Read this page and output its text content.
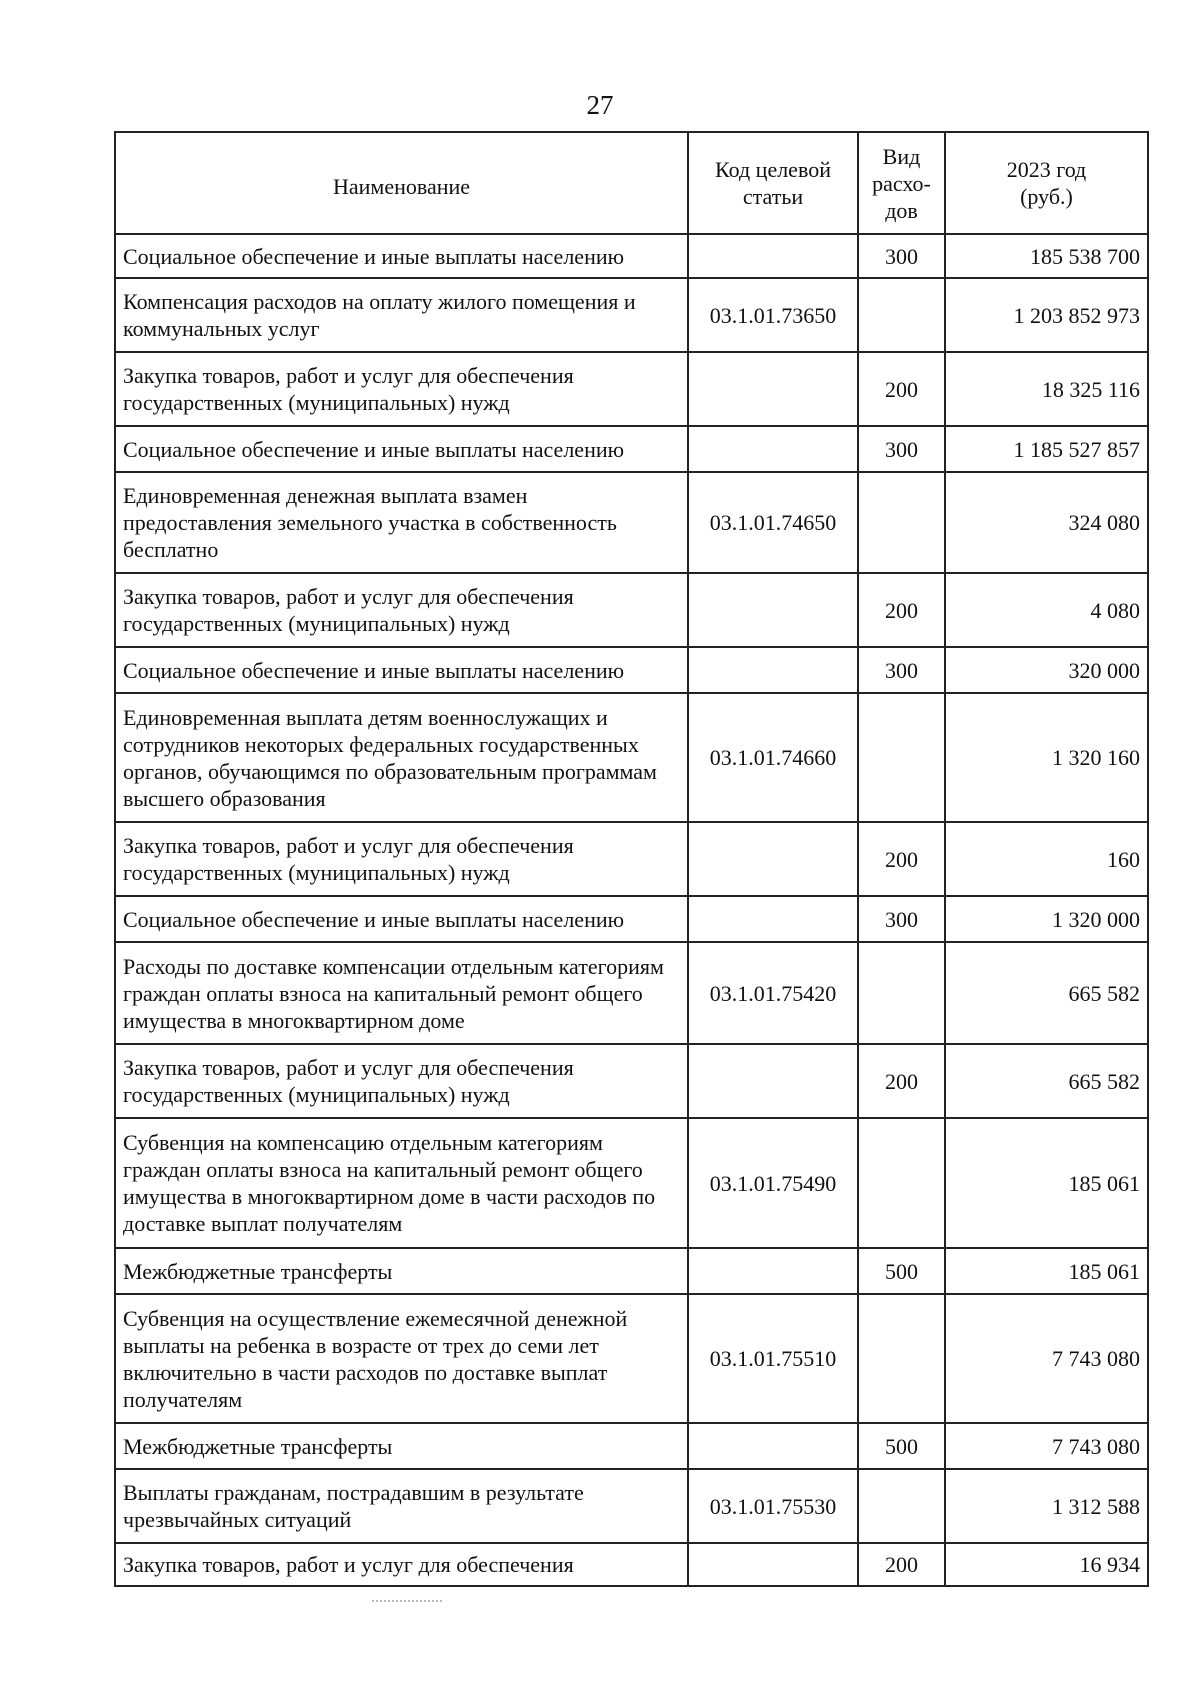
27
Наименование	Код целевой статьи	Вид расхо-дов	2023 год (руб.)
Социальное обеспечение и иные выплаты населению		300	185 538 700
Компенсация расходов на оплату жилого помещения и коммунальных услуг	03.1.01.73650		1 203 852 973
Закупка товаров, работ и услуг для обеспечения государственных (муниципальных) нужд		200	18 325 116
Социальное обеспечение и иные выплаты населению		300	1 185 527 857
Единовременная денежная выплата взамен предоставления земельного участка в собственность бесплатно	03.1.01.74650		324 080
Закупка товаров, работ и услуг для обеспечения государственных (муниципальных) нужд		200	4 080
Социальное обеспечение и иные выплаты населению		300	320 000
Единовременная выплата детям военнослужащих и сотрудников некоторых федеральных государственных органов, обучающимся по образовательным программам высшего образования	03.1.01.74660		1 320 160
Закупка товаров, работ и услуг для обеспечения государственных (муниципальных) нужд		200	160
Социальное обеспечение и иные выплаты населению		300	1 320 000
Расходы по доставке компенсации отдельным категориям граждан оплаты взноса на капитальный ремонт общего имущества в многоквартирном доме	03.1.01.75420		665 582
Закупка товаров, работ и услуг для обеспечения государственных (муниципальных) нужд		200	665 582
Субвенция на компенсацию отдельным категориям граждан оплаты взноса на капитальный ремонт общего имущества в многоквартирном доме в части расходов по доставке выплат получателям	03.1.01.75490		185 061
Межбюджетные трансферты		500	185 061
Субвенция на осуществление ежемесячной денежной выплаты на ребенка в возрасте от трех до семи лет включительно в части расходов по доставке выплат получателям	03.1.01.75510		7 743 080
Межбюджетные трансферты		500	7 743 080
Выплаты гражданам, пострадавшим в результате чрезвычайных ситуаций	03.1.01.75530		1 312 588
Закупка товаров, работ и услуг для обеспечения		200	16 934
